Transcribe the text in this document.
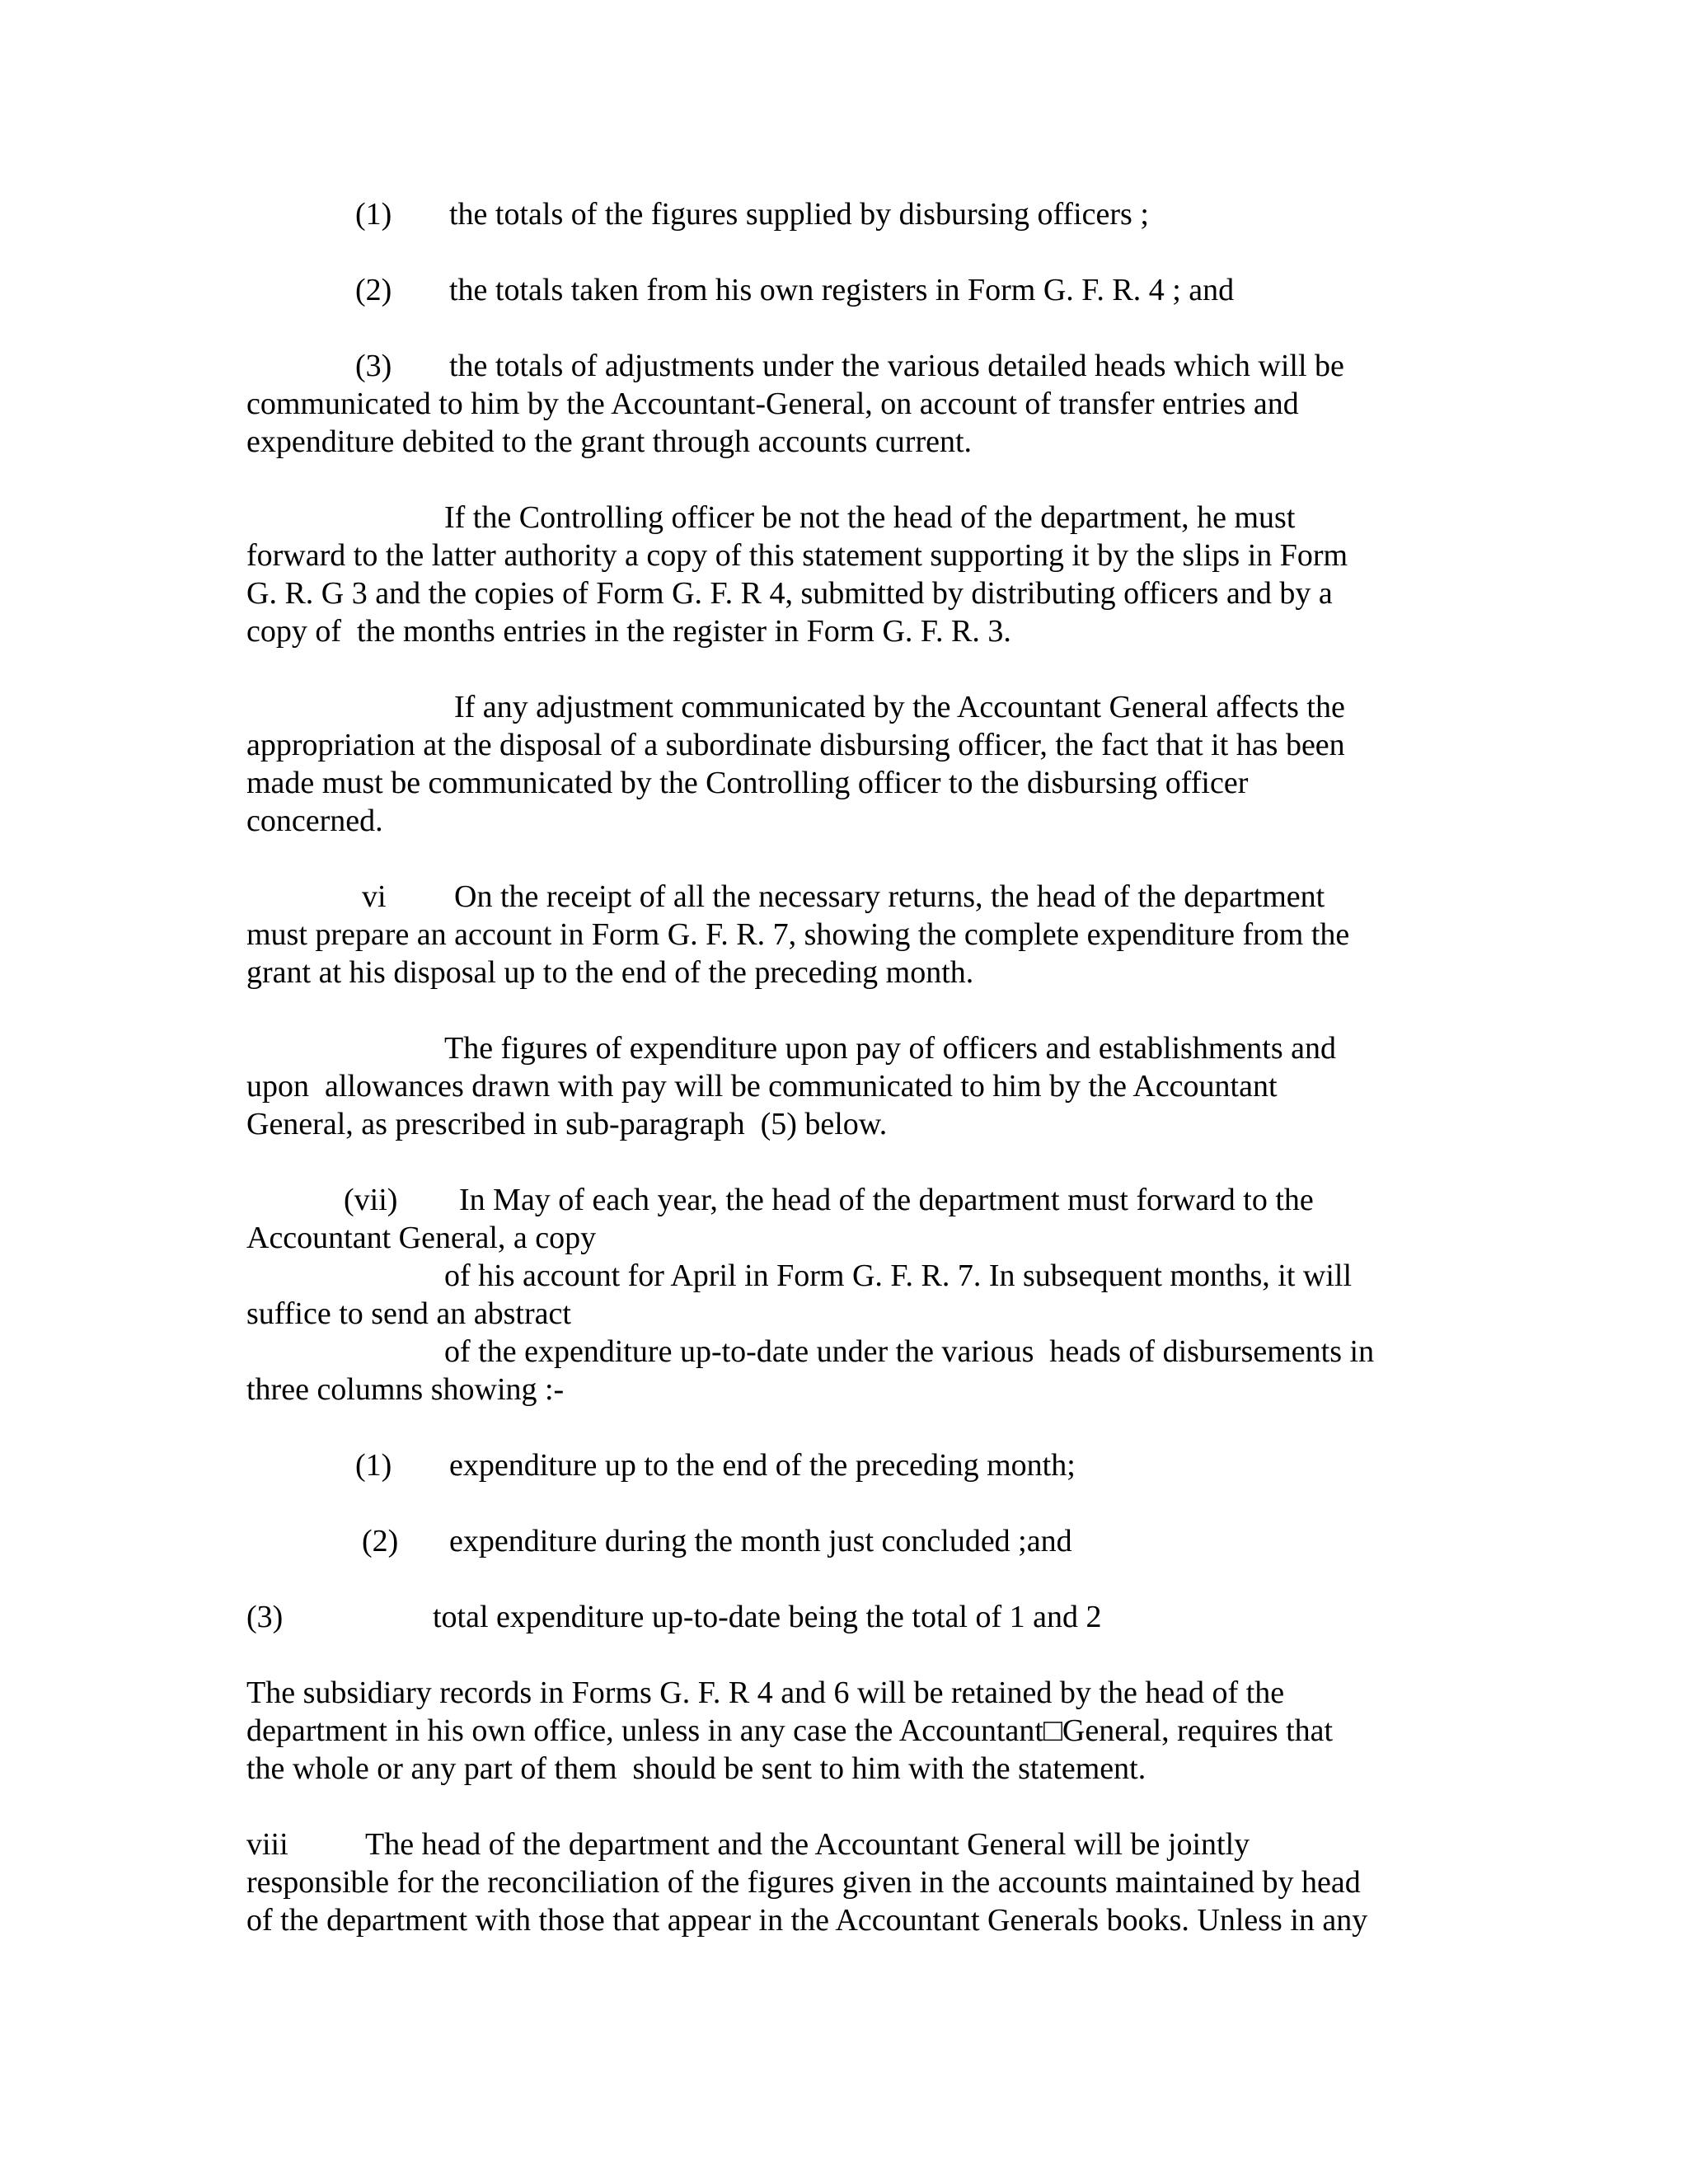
(1) the totals of the figures supplied by disbursing officers ;

(2) the totals taken from his own registers in Form G. F. R. 4 ; and

(3) the totals of adjustments under the various detailed heads which will be

communicated to him by the Accountant-General, on account of transfer entries and

expenditure debited to the grant through accounts current.

If the Controlling officer be not the head of the department, he must

forward to the latter authority a copy of this statement supporting it by the slips in Form

G. R. G 3 and the copies of Form G. F. R 4, submitted by distributing officers and by a

copy of  the months entries in the register in Form G. F. R. 3.

If any adjustment communicated by the Accountant General affects the

appropriation at the disposal of a subordinate disbursing officer, the fact that it has been

made must be communicated by the Controlling officer to the disbursing officer

concerned.

vi On the receipt of all the necessary returns, the head of the department

must prepare an account in Form G. F. R. 7, showing the complete expenditure from the

grant at his disposal up to the end of the preceding month.

The figures of expenditure upon pay of officers and establishments and

upon  allowances drawn with pay will be communicated to him by the Accountant

General, as prescribed in sub-paragraph  (5) below.

(vii) In May of each year, the head of the department must forward to the

Accountant General, a copy

of his account for April in Form G. F. R. 7. In subsequent months, it will

suffice to send an abstract

of the expenditure up-to-date under the various  heads of disbursements in

three columns showing :-

(1) expenditure up to the end of the preceding month;

(2) expenditure during the month just concluded ;and

(3)	total expenditure up-to-date being the total of 1 and 2

The subsidiary records in Forms G. F. R 4 and 6 will be retained by the head of the

department in his own office, unless in any case the Accountant□General, requires that

the whole or any part of them  should be sent to him with the statement.

viii The head of the department and the Accountant General will be jointly

responsible for the reconciliation of the figures given in the accounts maintained by head

of the department with those that appear in the Accountant Generals books. Unless in any
